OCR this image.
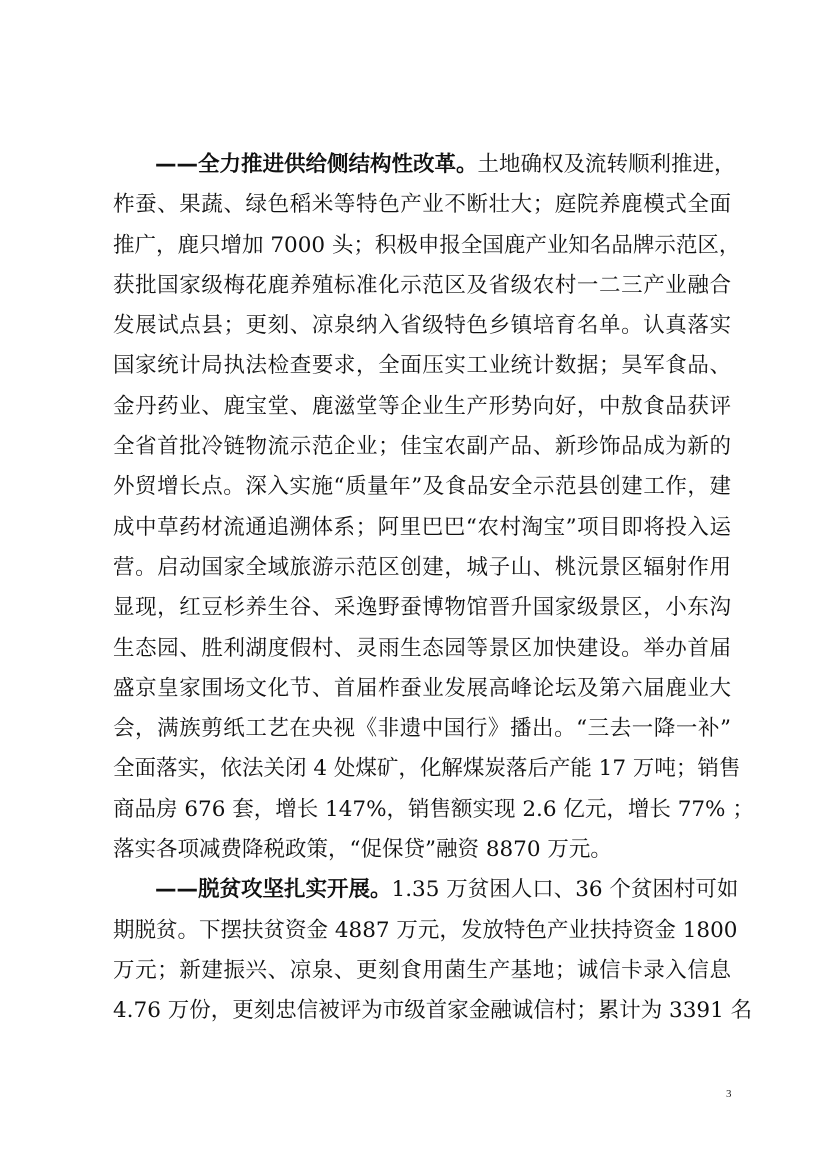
——全力推进供给侧结构性改革。土地确权及流转顺利推进，
柞蚕、果蔬、绿色稻米等特色产业不断壮大；庭院养鹿模式全面
推广，鹿只增加 7000 头；积极申报全国鹿产业知名品牌示范区，
获批国家级梅花鹿养殖标准化示范区及省级农村一二三产业融合
发展试点县；更刻、凉泉纳入省级特色乡镇培育名单。认真落实
国家统计局执法检查要求，全面压实工业统计数据；昊军食品、
金丹药业、鹿宝堂、鹿滋堂等企业生产形势向好，中敖食品获评
全省首批冷链物流示范企业；佳宝农副产品、新珍饰品成为新的
外贸增长点。深入实施“质量年”及食品安全示范县创建工作，建
成中草药材流通追溯体系；阿里巴巴“农村淘宝”项目即将投入运
营。启动国家全域旅游示范区创建，城子山、桃沅景区辐射作用
显现，红豆杉养生谷、采逸野蚕博物馆晋升国家级景区，小东沟
生态园、胜利湖度假村、灵雨生态园等景区加快建设。举办首届
盛京皇家围场文化节、首届柞蚕业发展高峰论坛及第六届鹿业大
会，满族剪纸工艺在央视《非遗中国行》播出。“三去一降一补”
全面落实，依法关闭 4 处煤矿，化解煤炭落后产能 17 万吨；销售
商品房 676 套，增长 147%，销售额实现 2.6 亿元，增长 77% ；
落实各项减费降税政策，“促保贷”融资 8870 万元。
——脱贫攻坚扎实开展。1.35 万贫困人口、36 个贫困村可如
期脱贫。下摆扶贫资金 4887 万元，发放特色产业扶持资金 1800
万元；新建振兴、凉泉、更刻食用菌生产基地；诚信卡录入信息
4.76 万份，更刻忠信被评为市级首家金融诚信村；累计为 3391 名
3
